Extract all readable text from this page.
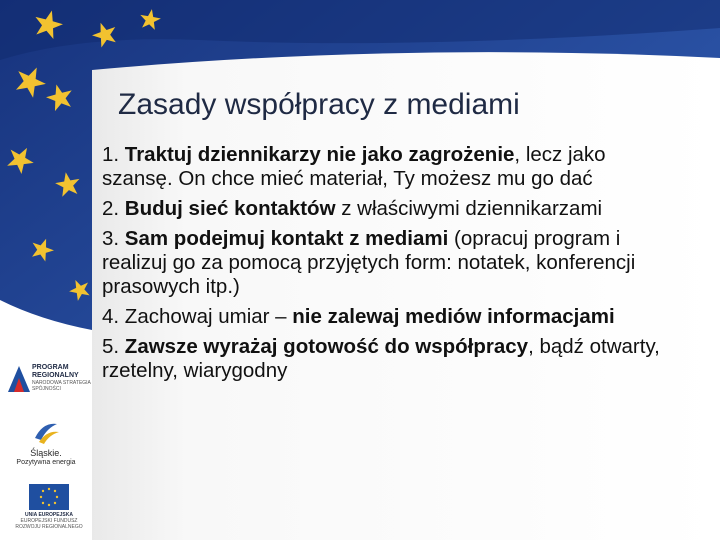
Zasady współpracy z mediami
1. Traktuj dziennikarzy nie jako zagrożenie, lecz jako szansę. On chce mieć materiał, Ty możesz mu go dać
2. Buduj sieć kontaktów z właściwymi dziennikarzami
3. Sam podejmuj kontakt z mediami (opracuj program i realizuj go za pomocą przyjętych form: notatek, konferencji prasowych itp.)
4. Zachowaj umiar – nie zalewaj mediów informacjami
5. Zawsze wyrażaj gotowość do współpracy, bądź otwarty, rzetelny, wiarygodny
PROGRAM
REGIONALNY
NARODOWA STRATEGIA SPÓJNOŚCI
Śląskie.
Pozytywna energia
UNIA EUROPEJSKA
EUROPEJSKI FUNDUSZ
ROZWOJU REGIONALNEGO
